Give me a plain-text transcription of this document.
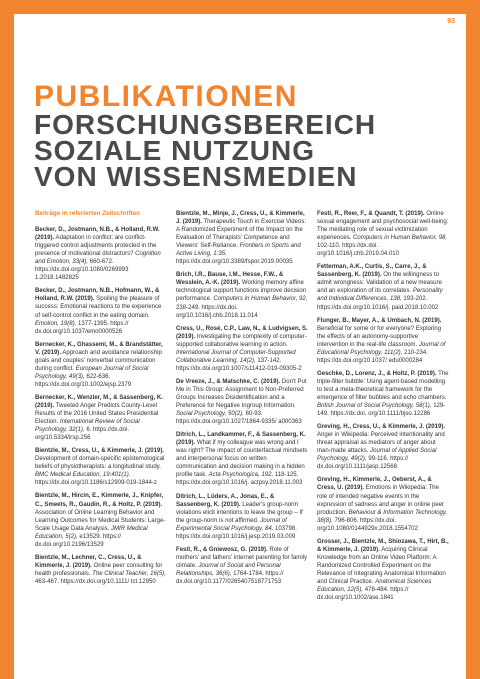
93
PUBLIKATIONEN
FORSCHUNGSBEREICH
SOZIALE NUTZUNG
VON WISSENSMEDIEN
Beiträge in referierten Zeitschriften
Becker, D., Jostmann, N.B., & Holland, R.W. (2019). Adaptation in conflict: are conflict-triggered control adjustments protected in the presence of motivational distractors? Cognition and Emotion, 33(4), 660-672. https://dx.doi.org/10.1080/0269993 1.2018.1482825
Becker, D., Jostmann, N.B., Hofmann, W., & Holland, R.W. (2019). Spoiling the pleasure of success: Emotional reactions to the experience of self-control conflict in the eating domain. Emotion, 19(8), 1377-1395. https:// dx.doi.org/10.1037/emo0000526
Bernecker, K., Ghassemi, M., & Brandstätter, V. (2019). Approach and avoidance relationship goals and couples' nonverbal communication during conflict. European Journal of Social Psychology, 49(3), 622-636. https://dx.doi.org/10.1002/ejsp.2379
Bernecker, K., Wenzler, M., & Sassenberg, K. (2019). Tweeted Anger Predicts County-Level Results of the 2016 United States Presidential Election. International Review of Social Psychology, 32(1), 6. https://dx.doi. org/10.5334/irsp.256
Bientzle, M., Cress, U., & Kimmerle, J. (2019). Development of domain-specific epistemological beliefs of physiotherapists: a longitudinal study. BMC Medical Education, 19:401(1). https://dx.doi.org/10.1186/s12909-019-1844-z
Bientzle, M., Hircin, E., Kimmerle, J., Knipfer, C., Smeets, R., Gaudin, R., & Holtz, P. (2019). Association of Online Learning Behavior and Learning Outcomes for Medical Students: Large-Scale Usage Data Analysis. JMIR Medical Education, 5(2), e13529. https:// dx.doi.org/10.2196/13529
Bientzle, M., Lechner, C., Cress, U., & Kimmerle, J. (2019). Online peer consulting for health professionals. The Clinical Teacher, 16(5), 463-467. https://dx.doi.org/10.1111/ tct.12950
Bientzle, M., Minje, J., Cress, U., & Kimmerle, J. (2019). Therapeutic Touch in Exercise Videos: A Randomized Experiment of the Impact on the Evaluation of Therapists' Competence and Viewers' Self-Reliance. Frontiers in Sports and Active Living, 1:35. https://dx.doi.org/10.3389/fspor.2019.00035
Brich, I.R., Bause, I.M., Hesse, F.W., & Wesslein, A.-K. (2019). Working memory affine technological support functions improve decision performance. Computers in Human Behavior, 92, 238-249. https://dx.doi. org/10.1016/j.chb.2018.11.014
Cress, U., Rosé, C.P., Law, N., & Ludvigsen, S. (2019). Investigating the complexity of computer-supported collaborative learning in action. International Journal of Computer-Supported Collaborative Learning, 14(2), 137-142. https://dx.doi.org/10.1007/s11412-019-09305-2
De Vreeze, J., & Matschke, C. (2019). Don't Put Me in This Group: Assignment to Non-Preferred Groups Increases Disidentification and a Preference for Negative Ingroup Information. Social Psychology, 50(2), 80-93. https://dx.doi.org/10.1027/1864-9335/ a000363
Ditrich, L., Landkammer, F., & Sassenberg, K. (2019). What if my colleague was wrong and I was right? The impact of counterfactual mindsets and interpersonal focus on written communication and decision making in a hidden profile task. Acta Psychologica, 192, 118-125. https://dx.doi.org/10.1016/j. actpsy.2018.11.003
Ditrich, L., Lüders, A., Jonas, E., & Sassenberg, K. (2019). Leader's group-norm violations elicit intentions to leave the group – If the group-norm is not affirmed. Journal of Experimental Social Psychology, 84, 103798. https://dx.doi.org/10.1016/j.jesp.2019.03.009
Festl, R., & Gniewosz, G. (2019). Role of mothers' and fathers' internet parenting for family climate. Journal of Social and Personal Relationships, 36(6), 1764-1784. https:// dx.doi.org/10.1177/0265407518771753
Festl, R., Reer, F., & Quandt, T. (2019). Online sexual engagement and psychosocial well-being: The mediating role of sexual victimization experiences. Computers in Human Behavior, 98, 102-110. https://dx.doi. org/10.1016/j.chb.2019.04.010
Fetterman, A.K., Curtis, S., Carre, J., & Sassenberg, K. (2019). On the willingness to admit wrongness: Validation of a new measure and an exploration of its correlates. Personality and Individual Differences, 138, 193-202. https://dx.doi.org/10.1016/j. paid.2018.10.002
Flunger, B., Mayer, A., & Umbach, N. (2019). Beneficial for some or for everyone? Exploring the effects of an autonomy-supportive intervention in the real-life classroom. Journal of Educational Psychology, 111(2), 210-234. https://dx.doi.org/10.1037/ edu0000284
Geschke, D., Lorenz, J., & Holtz, P. (2019). The triple-filter bubble: Using agent-based modelling to test a meta-theoretical framework for the emergence of filter bubbles and echo chambers. British Journal of Social Psychology, 58(1), 129-149. https://dx.doi. org/10.1111/bjso.12286
Greving, H., Cress, U., & Kimmerle, J. (2019). Anger in Wikipedia: Perceived intentionality and threat appraisal as mediators of anger about man-made attacks. Journal of Applied Social Psychology, 49(2), 99-116. https:// dx.doi.org/10.1111/jasp.12568
Greving, H., Kimmerle, J., Oeberst, A., & Cress, U. (2019). Emotions in Wikipedia: The role of intended negative events in the expression of sadness and anger in online peer production. Behaviour & Information Technology, 38(8), 796-806. https://dx.doi. org/10.1080/0144929x.2018.1554702
Grosser, J., Bientzle, M., Shiozawa, T., Hirt, B., & Kimmerle, J. (2019). Acquiring Clinical Knowledge from an Online Video Platform: A Randomized Controlled Experiment on the Relevance of Integrating Anatomical Information and Clinical Practice. Anatomical Sciences Education, 12(5), 478-484. https:// dx.doi.org/10.1002/ase.1841
